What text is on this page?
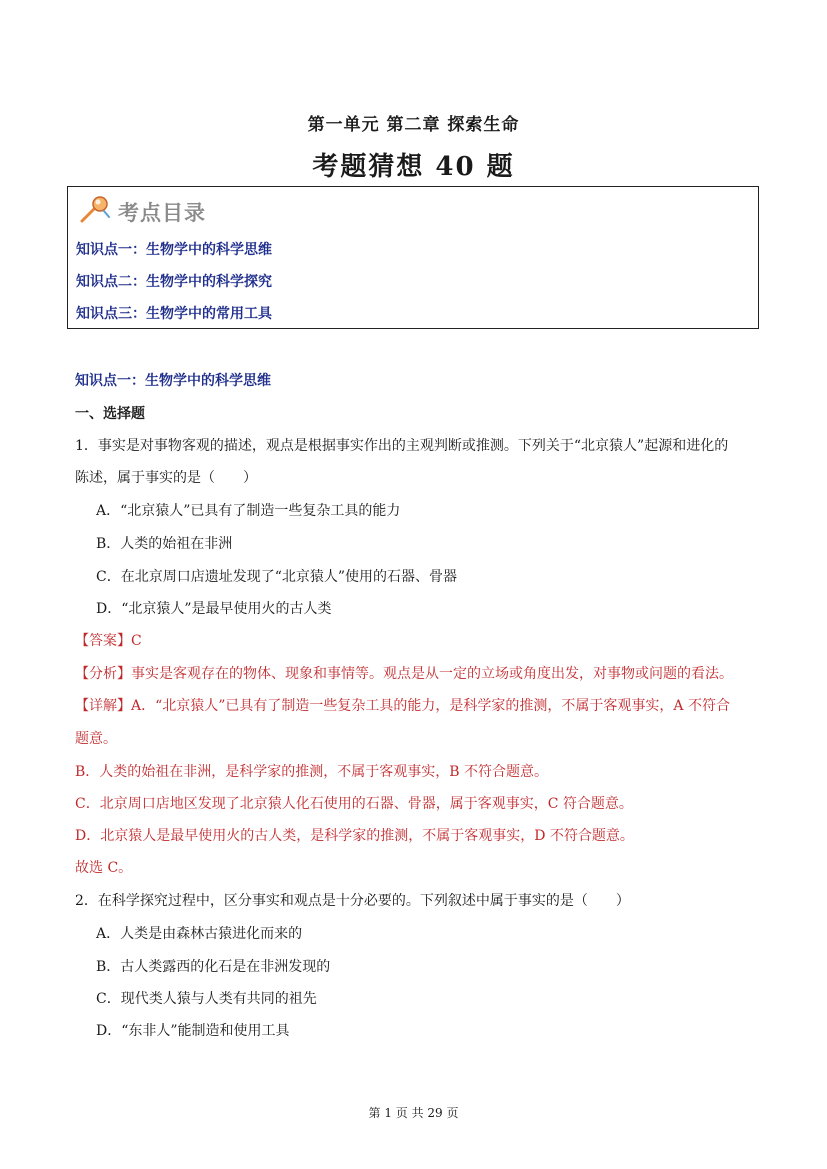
第一单元 第二章 探索生命
考题猜想 40 题
考点目录
知识点一：生物学中的科学思维
知识点二：生物学中的科学探究
知识点三：生物学中的常用工具
知识点一：生物学中的科学思维
一、选择题
1．事实是对事物客观的描述，观点是根据事实作出的主观判断或推测。下列关于“北京猿人”起源和进化的
陈述，属于事实的是（　　）
A．“北京猿人”已具有了制造一些复杂工具的能力
B．人类的始祖在非洲
C．在北京周口店遗址发现了“北京猿人”使用的石器、骨器
D．“北京猿人”是最早使用火的古人类
【答案】C
【分析】事实是客观存在的物体、现象和事情等。观点是从一定的立场或角度出发，对事物或问题的看法。
【详解】A．“北京猿人”已具有了制造一些复杂工具的能力，是科学家的推测，不属于客观事实，A 不符合
题意。
B．人类的始祖在非洲，是科学家的推测，不属于客观事实，B 不符合题意。
C．北京周口店地区发现了北京猿人化石使用的石器、骨器，属于客观事实，C 符合题意。
D．北京猿人是最早使用火的古人类，是科学家的推测，不属于客观事实，D 不符合题意。
故选 C。
2．在科学探究过程中，区分事实和观点是十分必要的。下列叙述中属于事实的是（　　）
A．人类是由森林古猿进化而来的
B．古人类露西的化石是在非洲发现的
C．现代类人猿与人类有共同的祖先
D．“东非人”能制造和使用工具
第 1 页 共 29 页
